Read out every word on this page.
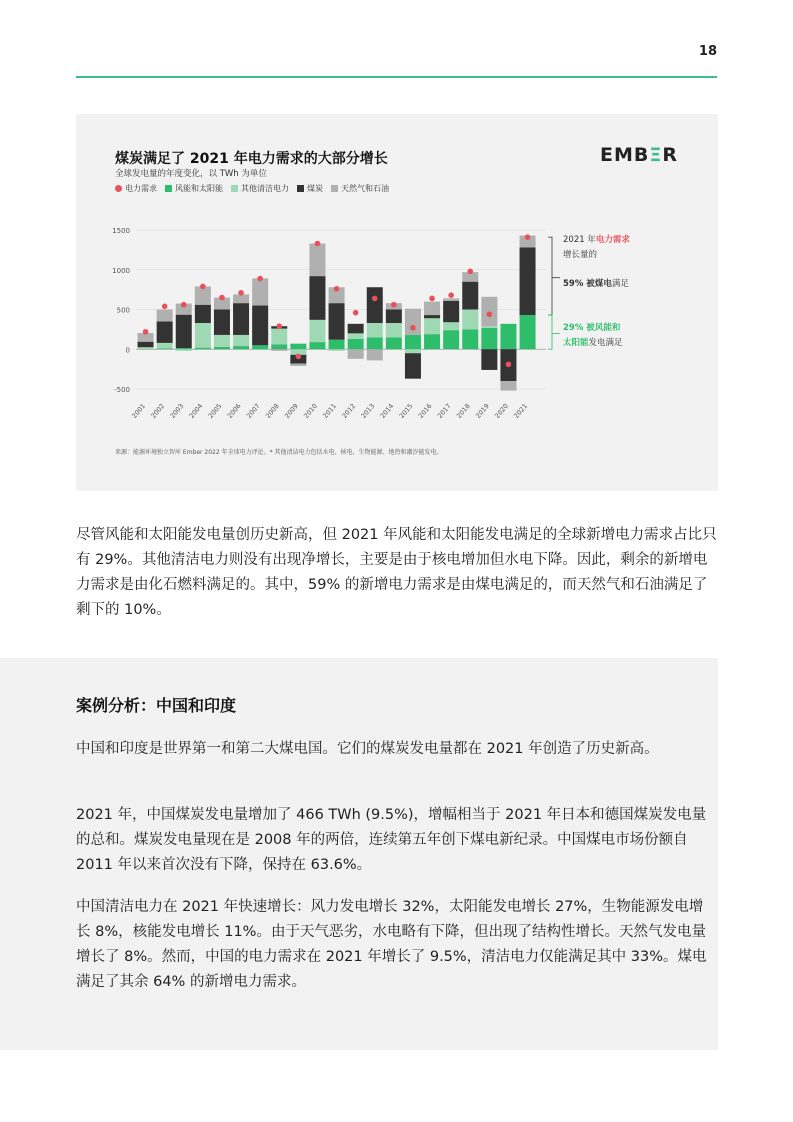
18
煤炭满足了 2021 年电力需求的大部分增长
全球发电量的年度变化，以 TWh 为单位
EMBΞR
电力需求 风能和太阳能 其他清洁电力 煤炭 天然气和石油
1500
1000
500
0
-500
2001 2002 2003 2004 2005 2006 2007 2008 2009 2010 2011 2012 2013 2014 2015 2016 2017 2018 2019 2020 2021
2021 年电力需求
增长量的
59% 被煤电满足
29% 被风能和
太阳能发电满足
来源：能源环境独立智库 Ember 2022 年全球电力评论。* 其他清洁电力包括水电、核电、生物能源、地热和潮汐能发电。
尽管风能和太阳能发电量创历史新高，但 2021 年风能和太阳能发电满足的全球新增电力需求占比只有 29%。其他清洁电力则没有出现净增长，主要是由于核电增加但水电下降。因此，剩余的新增电力需求是由化石燃料满足的。其中，59% 的新增电力需求是由煤电满足的，而天然气和石油满足了剩下的 10%。
案例分析：中国和印度

中国和印度是世界第一和第二大煤电国。它们的煤炭发电量都在 2021 年创造了历史新高。

2021 年，中国煤炭发电量增加了 466 TWh (9.5%)，增幅相当于 2021 年日本和德国煤炭发电量的总和。煤炭发电量现在是 2008 年的两倍，连续第五年创下煤电新纪录。中国煤电市场份额自 2011 年以来首次没有下降，保持在 63.6%。

中国清洁电力在 2021 年快速增长：风力发电增长 32%，太阳能发电增长 27%，生物能源发电增长 8%，核能发电增长 11%。由于天气恶劣，水电略有下降，但出现了结构性增长。天然气发电量增长了 8%。然而，中国的电力需求在 2021 年增长了 9.5%，清洁电力仅能满足其中 33%。煤电满足了其余 64% 的新增电力需求。
